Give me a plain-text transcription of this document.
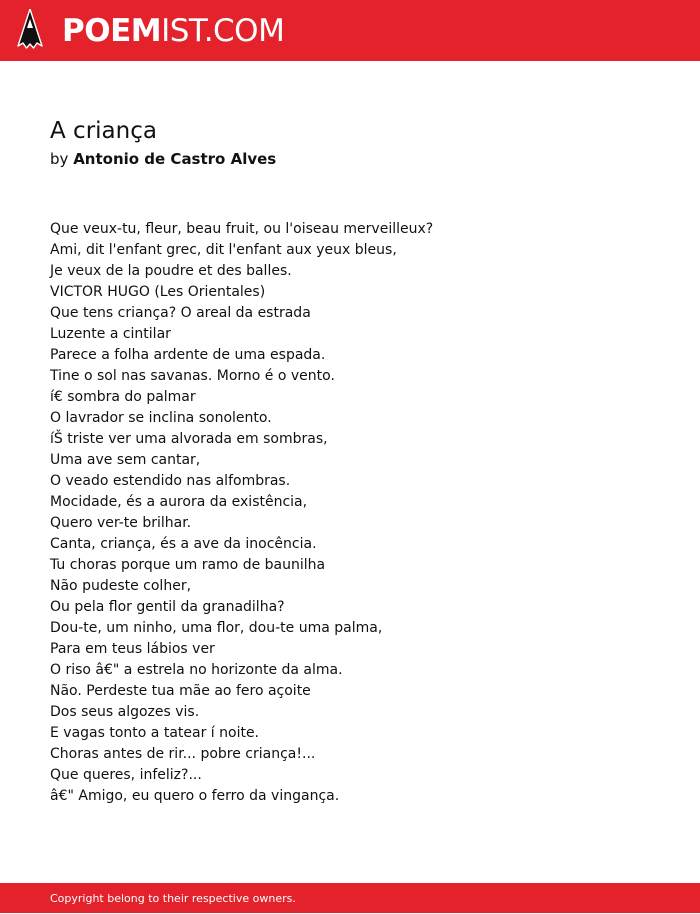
POEMIST.COM
A criança
by Antonio de Castro Alves
Que veux-tu, fleur, beau fruit, ou l'oiseau merveilleux?
Ami, dit l'enfant grec, dit l'enfant aux yeux bleus,
Je veux de la poudre et des balles.
VICTOR HUGO (Les Orientales)
Que tens criança? O areal da estrada
Luzente a cintilar
Parece a folha ardente de uma espada.
Tine o sol nas savanas. Morno é o vento.
í€ sombra do palmar
O lavrador se inclina sonolento.
íŠ triste ver uma alvorada em sombras,
Uma ave sem cantar,
O veado estendido nas alfombras.
Mocidade, és a aurora da existência,
Quero ver-te brilhar.
Canta, criança, és a ave da inocência.
Tu choras porque um ramo de baunilha
Não pudeste colher,
Ou pela flor gentil da granadilha?
Dou-te, um ninho, uma flor, dou-te uma palma,
Para em teus lábios ver
O riso â€" a estrela no horizonte da alma.
Não. Perdeste tua mãe ao fero açoite
Dos seus algozes vis.
E vagas tonto a tatear í noite.
Choras antes de rir... pobre criança!...
Que queres, infeliz?...
â€" Amigo, eu quero o ferro da vingança.
Copyright belong to their respective owners.
